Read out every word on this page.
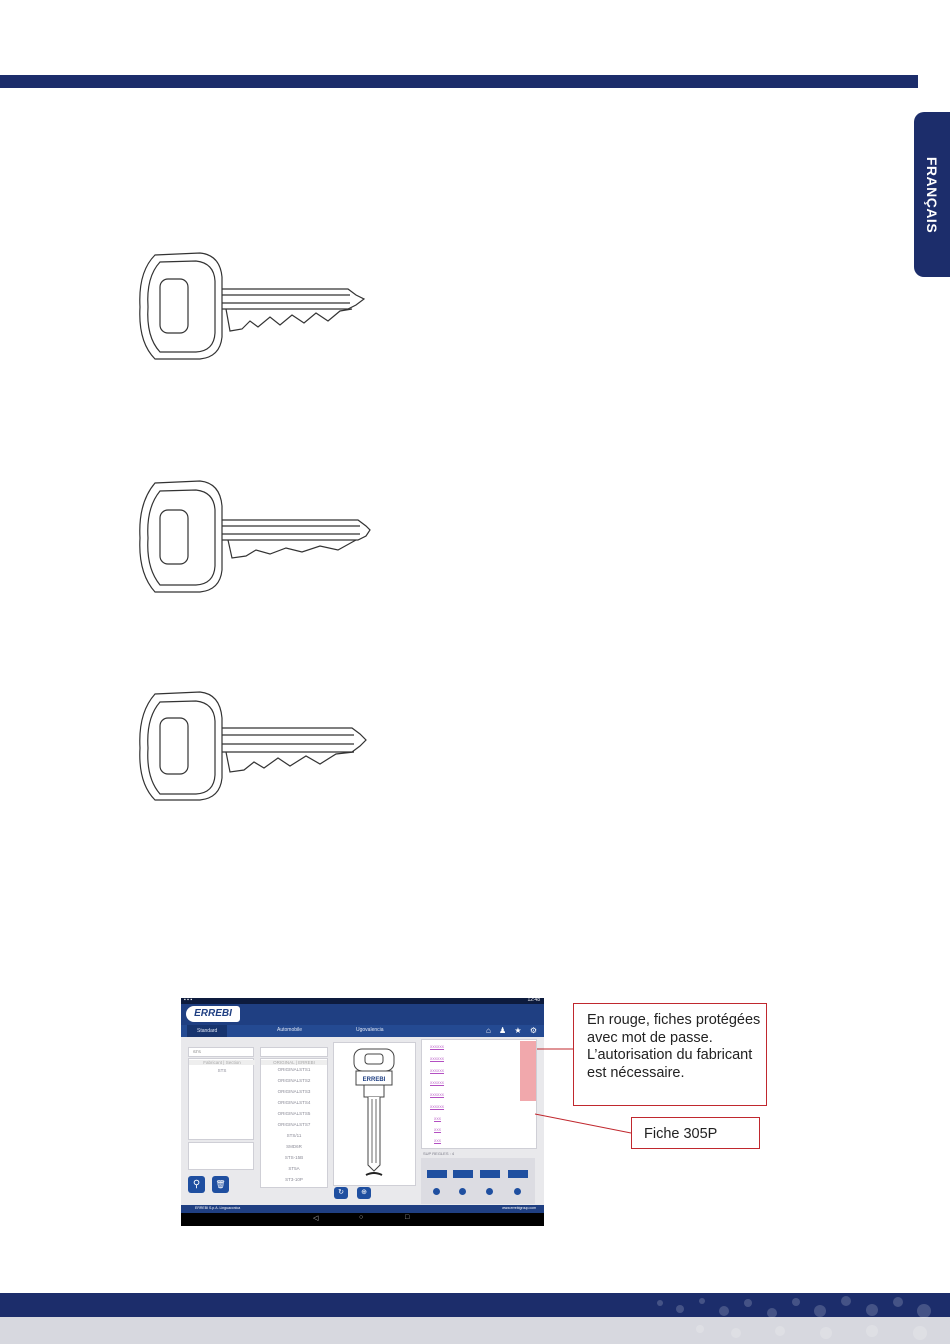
FRANÇAIS
▪ ▪ ▪	12:48
ERREBI
Standard	Automobile	Ugovalencia	⌂ ♟ ★ ⚙
STS
Fabricant | Section
STS
⚲	🗑
ORIGINAL | ERREBI
ORIGINALSTS1
ORIGINALSTS2
ORIGINALSTS3
ORIGINALSTS4
ORIGINALSTS5
ORIGINALSTS7
STS/11
SMD6R
STS-15B
ST5A
ST3-10P
ERREBI
↻	⊕
XXXXXX
XXXXXX
XXXXXX
XXXXXX
XXXXXX
XXXXXX
XXX
XXX
XXX
SUP REGLES : 4
ERREBI S.p.A. Linguaconica	www.errebigroup.com
◁	○	□
En rouge, fiches protégées avec mot de passe. L’autorisation du fabricant est nécessaire.
Fiche 305P
